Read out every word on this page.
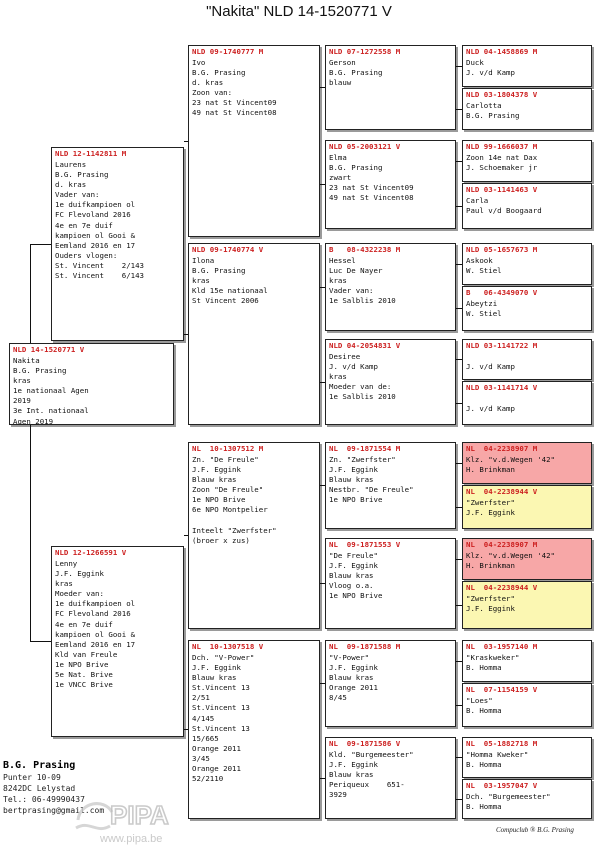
"Nakita" NLD 14-1520771 V
NLD 14-1520771 V
Nakita
B.G. Prasing
kras
1e nationaal Agen
2019
3e Int. nationaal
Agen 2019
NLD 12-1142811 M
Laurens
B.G. Prasing
d. kras
Vader van:
1e duifkampioen ol
FC Flevoland 2016
4e en 7e duif
kampioen ol Gooi &
Eemland 2016 en 17
Ouders vlogen:
St. Vincent    2/143
St. Vincent    6/143
NLD 12-1266591 V
Lenny
J.F. Eggink
kras
Moeder van:
1e duifkampioen ol
FC Flevoland 2016
4e en 7e duif
kampioen ol Gooi &
Eemland 2016 en 17
Kld van Freule
1e NPO Brive
5e Nat. Brive
1e VNCC Brive
NLD 09-1740777 M
Ivo
B.G. Prasing
d. kras
Zoon van:
23 nat St Vincent09
49 nat St Vincent08
NLD 09-1740774 V
Ilona
B.G. Prasing
kras
Kld 15e nationaal
St Vincent 2006
NL  10-1307512 M
Zn. "De Freule"
J.F. Eggink
Blauw kras
Zoon "De Freule"
1e NPO Brive
6e NPO Montpelier

Inteelt "Zwerfster"
(broer x zus)
NL  10-1307518 V
Dch. "V-Power"
J.F. Eggink
Blauw kras
St.Vincent 13
2/51
St.Vincent 13
4/145
St.Vincent 13
15/665
Orange 2011
3/45
Orange 2011
52/2110
NLD 07-1272558 M
Gerson
B.G. Prasing
blauw
NLD 05-2003121 V
Elma
B.G. Prasing
zwart
23 nat St Vincent09
49 nat St Vincent08
B   08-4322238 M
Hessel
Luc De Nayer
kras
Vader van:
1e Salblis 2010
NLD 04-2054831 V
Desiree
J. v/d Kamp
kras
Moeder van de:
1e Salblis 2010
NL  09-1871554 M
Zn. "Zwerfster"
J.F. Eggink
Blauw kras
Nestbr. "De Freule"
1e NPO Brive
NL  09-1871553 V
"De Freule"
J.F. Eggink
Blauw kras
Vloog o.a.
1e NPO Brive
NL  09-1871588 M
"V-Power"
J.F. Eggink
Blauw kras
Orange 2011
8/45
NL  09-1871586 V
Kld. "Burgemeester"
J.F. Eggink
Blauw kras
Periqueux    651-
3929
NLD 04-1458869 M
Duck
J. v/d Kamp
NLD 03-1804378 V
Carlotta
B.G. Prasing
NLD 99-1666037 M
Zoon 14e nat Dax
J. Schoemaker jr
NLD 03-1141463 V
Carla
Paul v/d Boogaard
NLD 05-1657673 M
Askook
W. Stiel
B   06-4349070 V
Abeytzi
W. Stiel
NLD 03-1141722 M

J. v/d Kamp
NLD 03-1141714 V

J. v/d Kamp
NL  04-2238907 M
Klz. "v.d.Wegen '42"
H. Brinkman
NL  04-2238944 V
"Zwerfster"
J.F. Eggink
NL  04-2238907 M
Klz. "v.d.Wegen '42"
H. Brinkman
NL  04-2238944 V
"Zwerfster"
J.F. Eggink
NL  03-1957140 M
"Kraskweker"
B. Homma
NL  07-1154159 V
"Loes"
B. Homma
NL  05-1882718 M
"Homma Kweker"
B. Homma
NL  03-1957047 V
Dch. "Burgemeester"
B. Homma
B.G. Prasing
Punter 10-09
8242DC Lelystad
Tel.: 06-49990437
bertprasing@gmail.com PIPA
www.pipa.be
Compuclub ® B.G. Prasing
